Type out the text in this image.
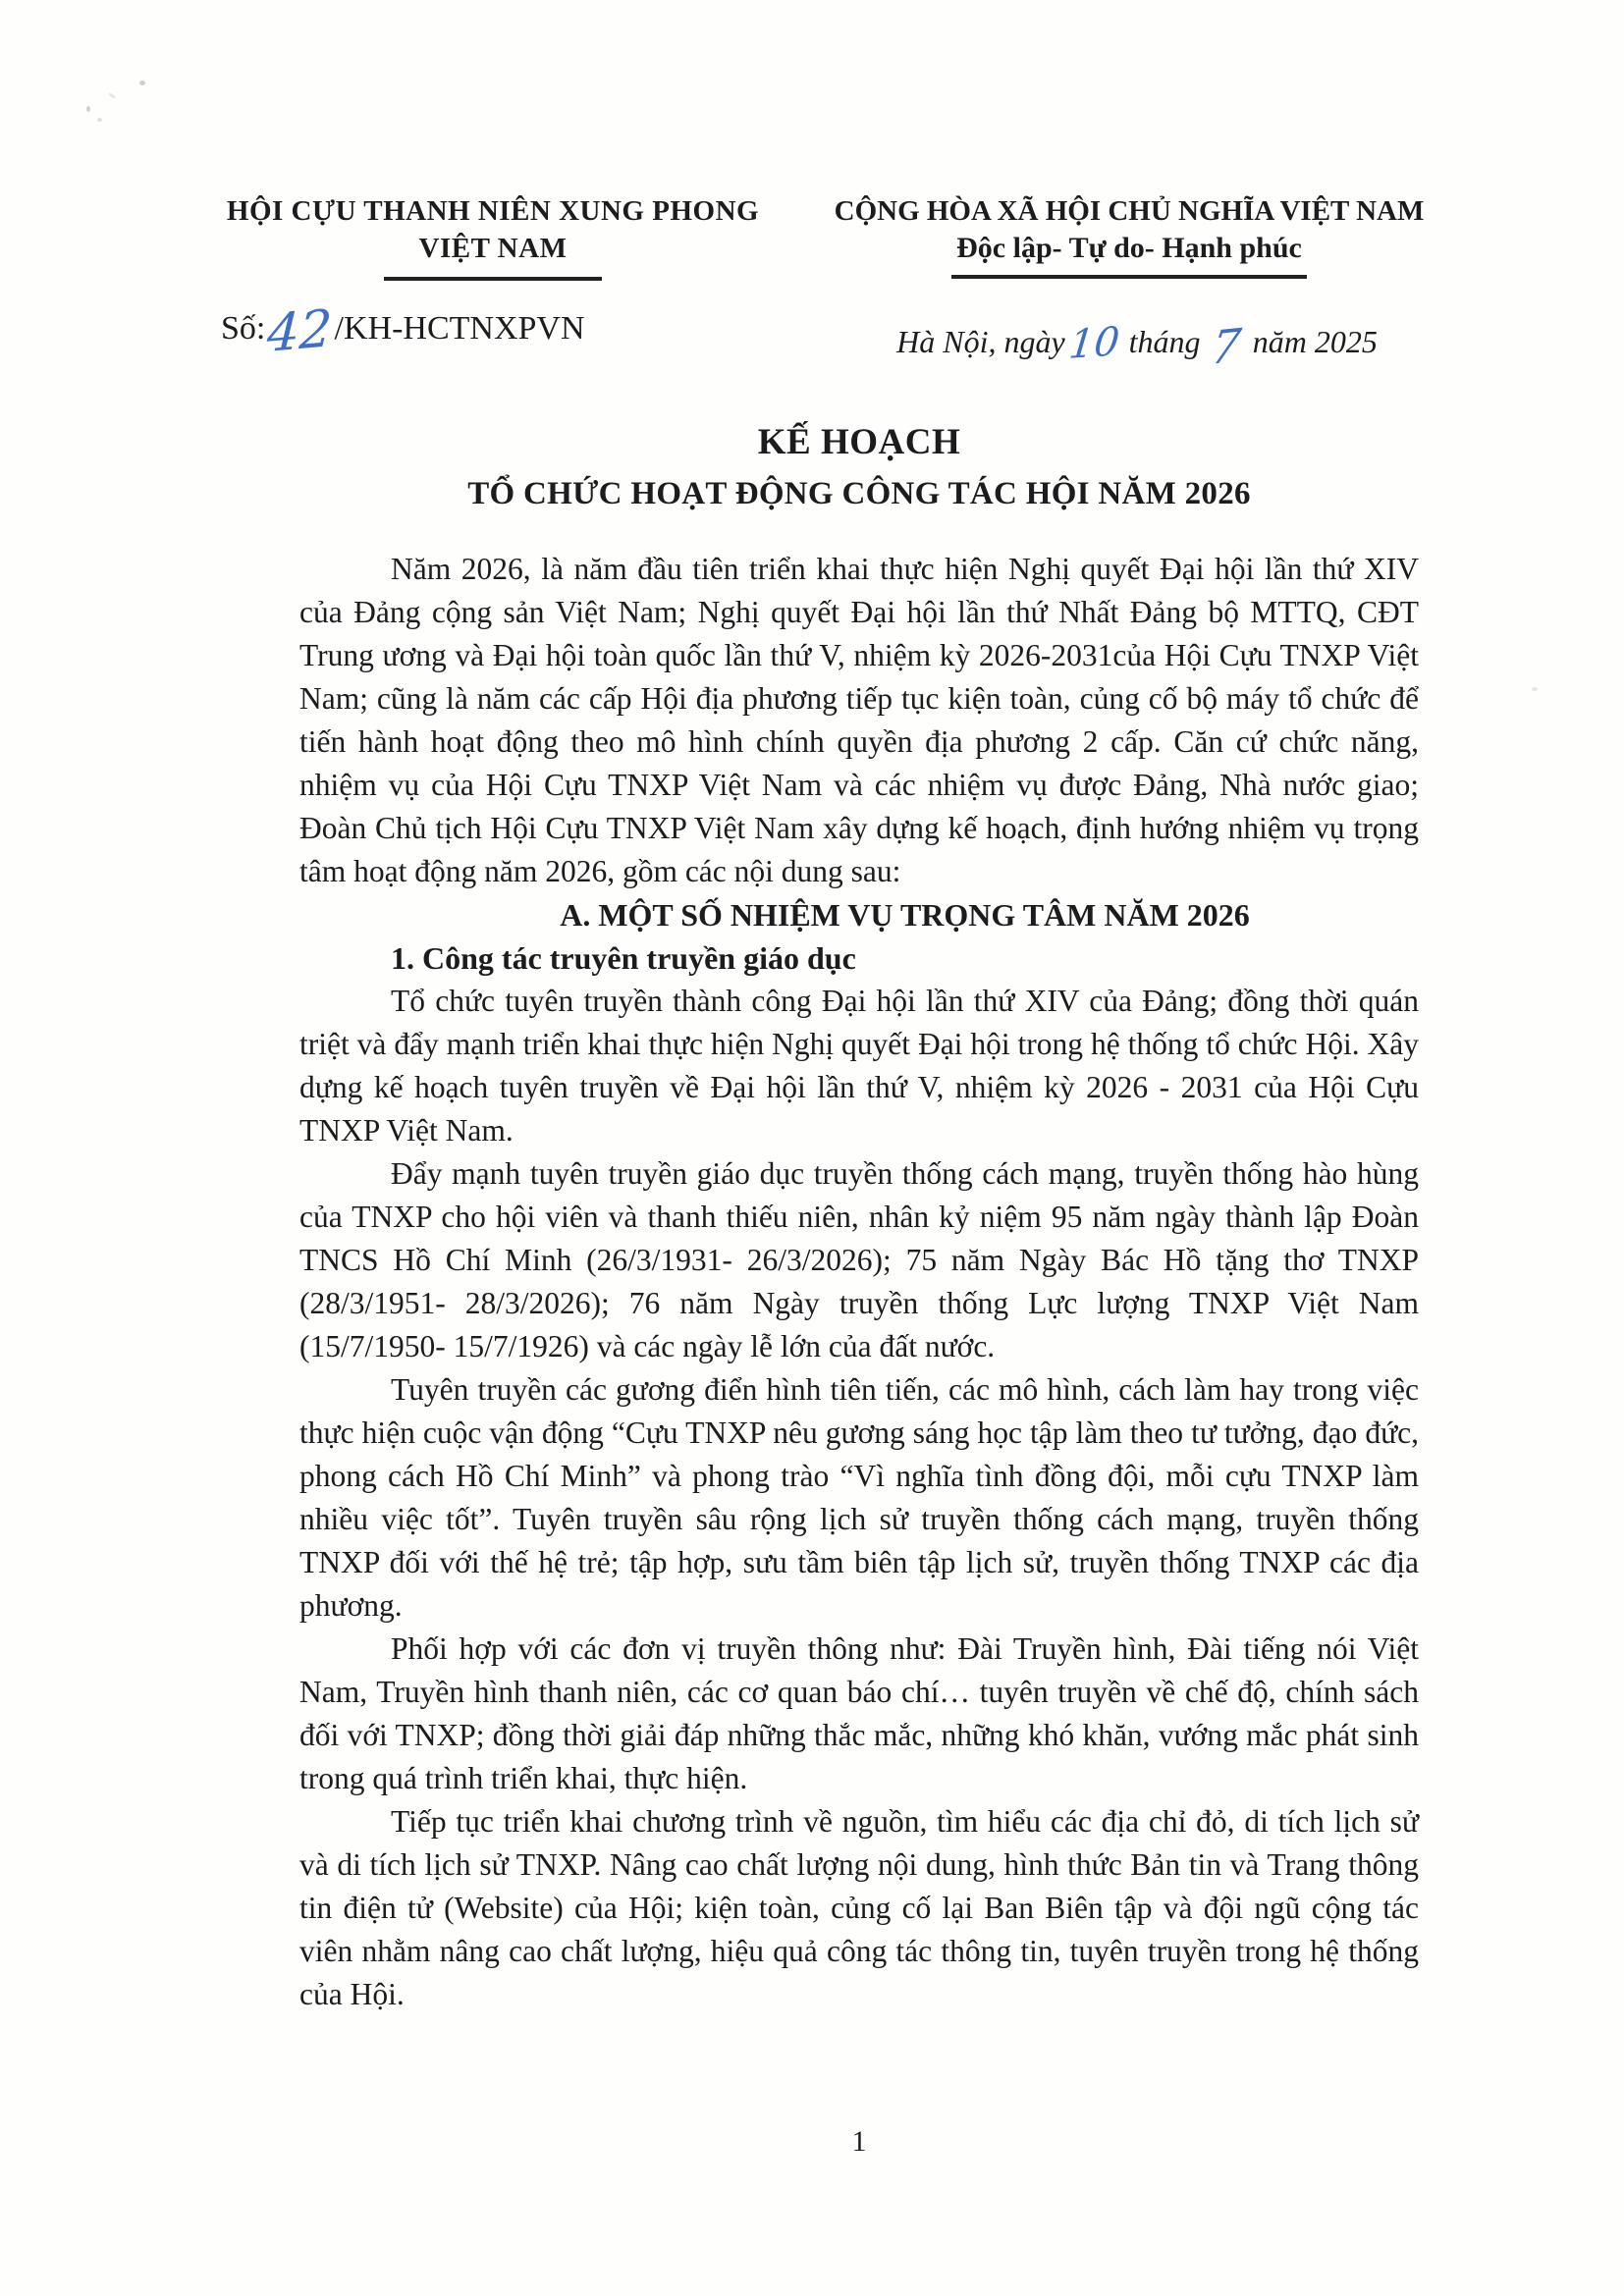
HỘI CỰU THANH NIÊN XUNG PHONG
VIỆT NAM
CỘNG HÒA XÃ HỘI CHỦ NGHĨA VIỆT NAM
Độc lập- Tự do- Hạnh phúc
Số:42/KH-HCTNXPVN	Hà Nội, ngày10 tháng 7 năm 2025
KẾ HOẠCH
TỔ CHỨC HOẠT ĐỘNG CÔNG TÁC HỘI NĂM 2026

Năm 2026, là năm đầu tiên triển khai thực hiện Nghị quyết Đại hội lần thứ XIV của Đảng cộng sản Việt Nam; Nghị quyết Đại hội lần thứ Nhất Đảng bộ MTTQ, CĐT Trung ương và Đại hội toàn quốc lần thứ V, nhiệm kỳ 2026-2031của Hội Cựu TNXP Việt Nam; cũng là năm các cấp Hội địa phương tiếp tục kiện toàn, củng cố bộ máy tổ chức để tiến hành hoạt động theo mô hình chính quyền địa phương 2 cấp. Căn cứ chức năng, nhiệm vụ của Hội Cựu TNXP Việt Nam và các nhiệm vụ được Đảng, Nhà nước giao; Đoàn Chủ tịch Hội Cựu TNXP Việt Nam xây dựng kế hoạch, định hướng nhiệm vụ trọng tâm hoạt động năm 2026, gồm các nội dung sau:

A. MỘT SỐ NHIỆM VỤ TRỌNG TÂM NĂM 2026

1. Công tác truyên truyền giáo dục

Tổ chức tuyên truyền thành công Đại hội lần thứ XIV của Đảng; đồng thời quán triệt và đẩy mạnh triển khai thực hiện Nghị quyết Đại hội trong hệ thống tổ chức Hội. Xây dựng kế hoạch tuyên truyền về Đại hội lần thứ V, nhiệm kỳ 2026 - 2031 của Hội Cựu TNXP Việt Nam.

Đẩy mạnh tuyên truyền giáo dục truyền thống cách mạng, truyền thống hào hùng của TNXP cho hội viên và thanh thiếu niên, nhân kỷ niệm 95 năm ngày thành lập Đoàn TNCS Hồ Chí Minh (26/3/1931- 26/3/2026); 75 năm Ngày Bác Hồ tặng thơ TNXP (28/3/1951- 28/3/2026); 76 năm Ngày truyền thống Lực lượng TNXP Việt Nam (15/7/1950- 15/7/1926) và các ngày lễ lớn của đất nước.

Tuyên truyền các gương điển hình tiên tiến, các mô hình, cách làm hay trong việc thực hiện cuộc vận động “Cựu TNXP nêu gương sáng học tập làm theo tư tưởng, đạo đức, phong cách Hồ Chí Minh” và phong trào “Vì nghĩa tình đồng đội, mỗi cựu TNXP làm nhiều việc tốt”. Tuyên truyền sâu rộng lịch sử truyền thống cách mạng, truyền thống TNXP đối với thế hệ trẻ; tập hợp, sưu tầm biên tập lịch sử, truyền thống TNXP các địa phương.

Phối hợp với các đơn vị truyền thông như: Đài Truyền hình, Đài tiếng nói Việt Nam, Truyền hình thanh niên, các cơ quan báo chí… tuyên truyền về chế độ, chính sách đối với TNXP; đồng thời giải đáp những thắc mắc, những khó khăn, vướng mắc phát sinh trong quá trình triển khai, thực hiện.

Tiếp tục triển khai chương trình về nguồn, tìm hiểu các địa chỉ đỏ, di tích lịch sử và di tích lịch sử TNXP. Nâng cao chất lượng nội dung, hình thức Bản tin và Trang thông tin điện tử (Website) của Hội; kiện toàn, củng cố lại Ban Biên tập và đội ngũ cộng tác viên nhằm nâng cao chất lượng, hiệu quả công tác thông tin, tuyên truyền trong hệ thống của Hội.

1
